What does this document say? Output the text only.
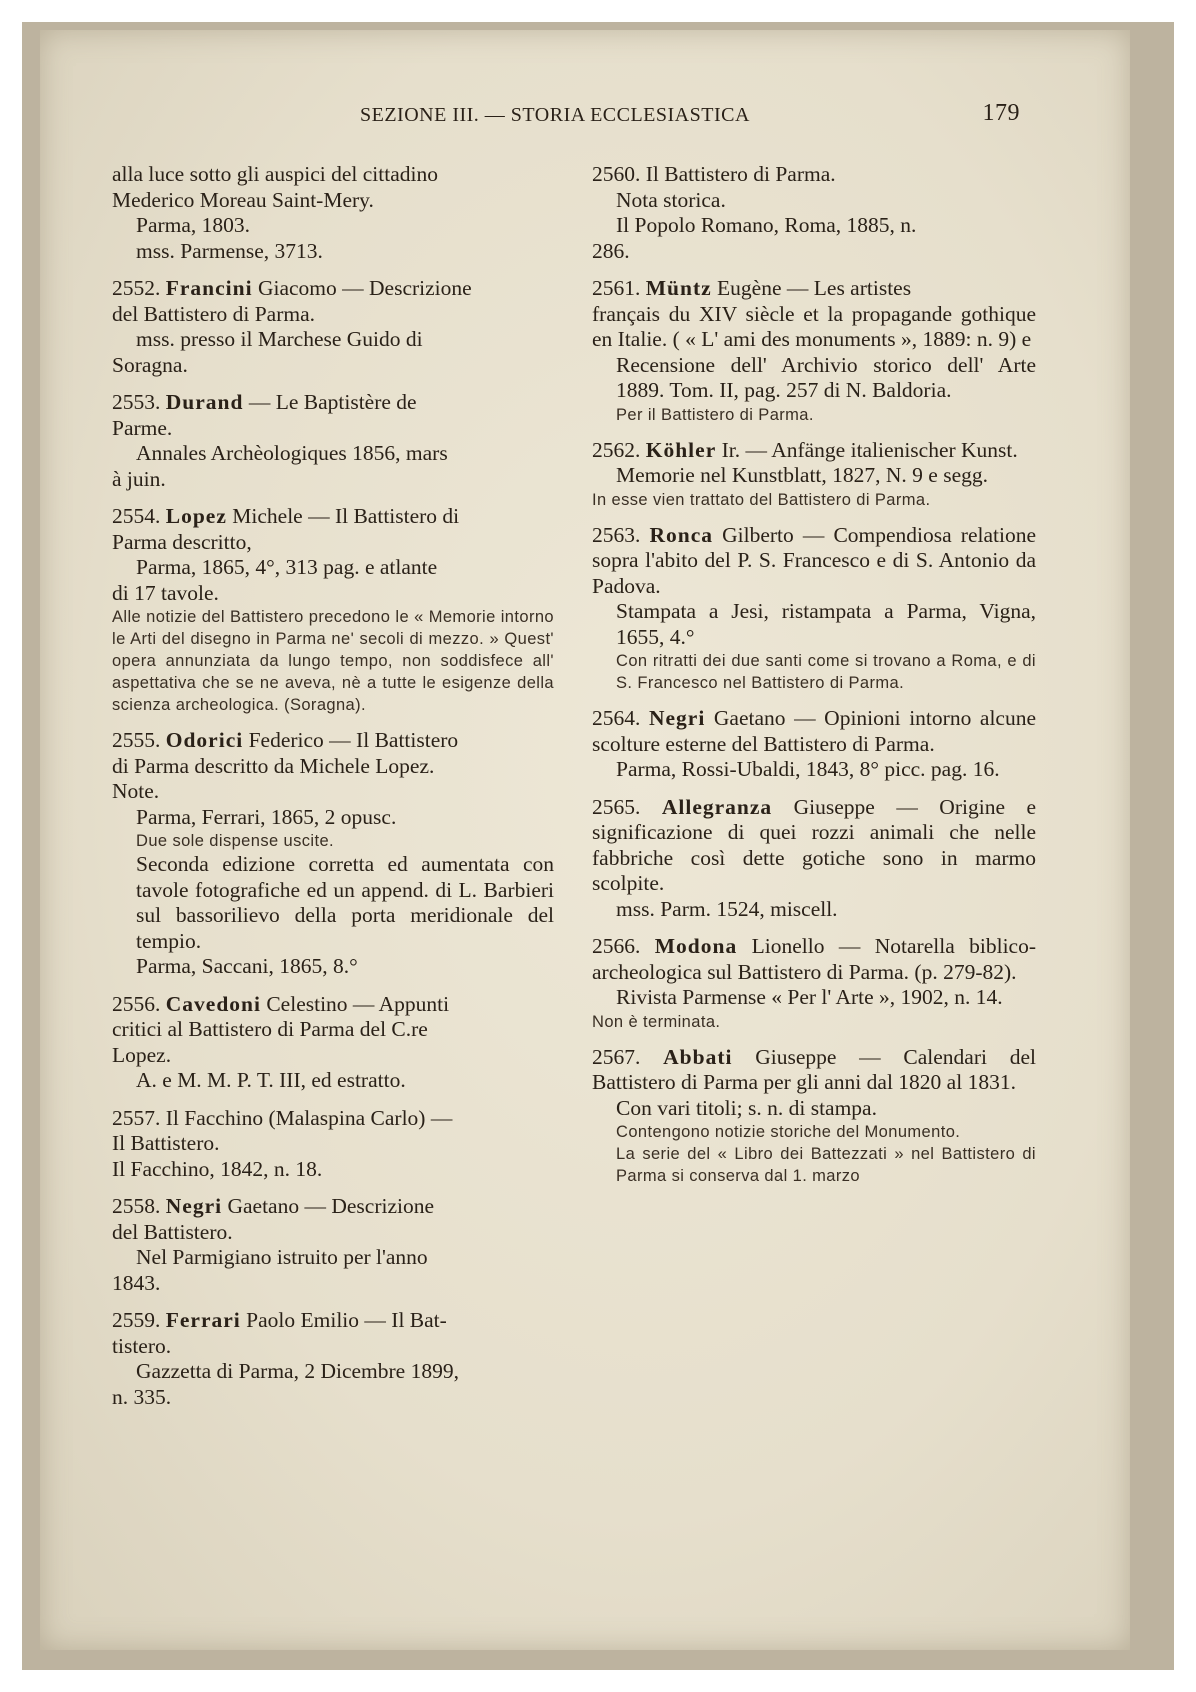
SEZIONE III. — STORIA ECCLESIASTICA	179
alla luce sotto gli auspici del cittadino
Mederico Moreau Saint-Mery.
Parma, 1803.
mss. Parmense, 3713.
2552. Francini Giacomo — Descrizione
del Battistero di Parma.
mss. presso il Marchese Guido di
Soragna.
2553. Durand — Le Baptistère de
Parme.
Annales Archèologiques 1856, mars
à juin.
2554. Lopez Michele — Il Battistero di
Parma descritto,
Parma, 1865, 4°, 313 pag. e atlante
di 17 tavole.
Alle notizie del Battistero precedono le « Memorie intorno le Arti del disegno in Parma ne' secoli di mezzo. » Quest' opera annunziata da lungo tempo, non soddisfece all' aspettativa che se ne aveva, nè a tutte le esigenze della scienza archeologica. (Soragna).
2555. Odorici Federico — Il Battistero
di Parma descritto da Michele Lopez.
Note.
Parma, Ferrari, 1865, 2 opusc.
Due sole dispense uscite.
Seconda edizione corretta ed aumentata con tavole fotografiche ed un append. di L. Barbieri sul bassorilievo della porta meridionale del tempio.
Parma, Saccani, 1865, 8.°
2556. Cavedoni Celestino — Appunti
critici al Battistero di Parma del C.re
Lopez.
A. e M. M. P. T. III, ed estratto.
2557. Il Facchino (Malaspina Carlo) —
Il Battistero.
Il Facchino, 1842, n. 18.
2558. Negri Gaetano — Descrizione
del Battistero.
Nel Parmigiano istruito per l'anno
1843.
2559. Ferrari Paolo Emilio — Il Bat-
tistero.
Gazzetta di Parma, 2 Dicembre 1899,
n. 335.
2560. Il Battistero di Parma.
Nota storica.
Il Popolo Romano, Roma, 1885, n.
286.
2561. Müntz Eugène — Les artistes
français du XIV siècle et la propagande gothique en Italie. ( « L' ami des monuments », 1889: n. 9) e
Recensione dell' Archivio storico dell' Arte 1889. Tom. II, pag. 257 di N. Baldoria.
Per il Battistero di Parma.
2562. Köhler Ir. — Anfänge italienischer Kunst.
Memorie nel Kunstblatt, 1827, N. 9 e segg.
In esse vien trattato del Battistero di Parma.
2563. Ronca Gilberto — Compendiosa relatione sopra l'abito del P. S. Francesco e di S. Antonio da Padova.
Stampata a Jesi, ristampata a Parma, Vigna, 1655, 4.°
Con ritratti dei due santi come si trovano a Roma, e di S. Francesco nel Battistero di Parma.
2564. Negri Gaetano — Opinioni intorno alcune scolture esterne del Battistero di Parma.
Parma, Rossi-Ubaldi, 1843, 8° picc. pag. 16.
2565. Allegranza Giuseppe — Origine e significazione di quei rozzi animali che nelle fabbriche così dette gotiche sono in marmo scolpite.
mss. Parm. 1524, miscell.
2566. Modona Lionello — Notarella biblico-archeologica sul Battistero di Parma. (p. 279-82).
Rivista Parmense « Per l' Arte », 1902, n. 14.
Non è terminata.
2567. Abbati Giuseppe — Calendari del Battistero di Parma per gli anni dal 1820 al 1831.
Con vari titoli; s. n. di stampa.
Contengono notizie storiche del Monumento.
La serie del « Libro dei Battezzati » nel Battistero di Parma si conserva dal 1. marzo
